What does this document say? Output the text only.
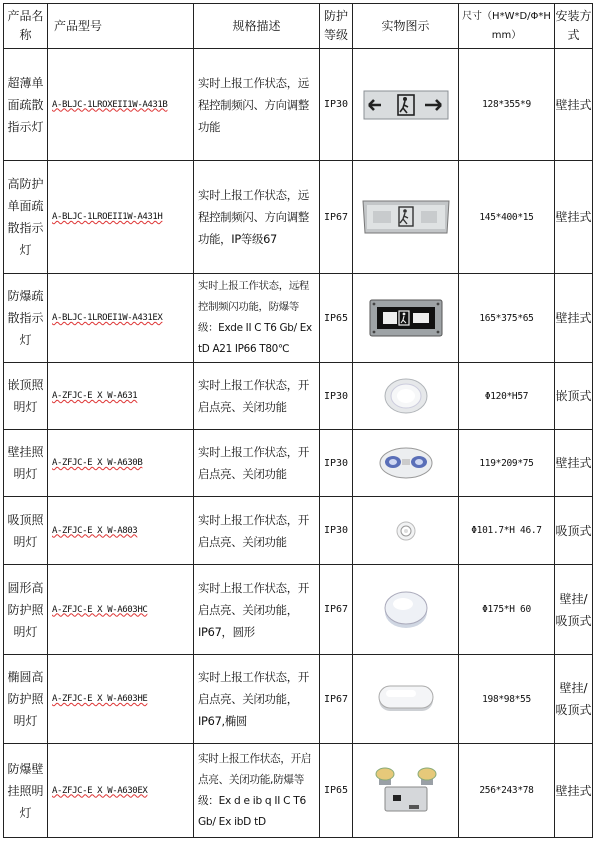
产品名称	产品型号	规格描述	防护等级	实物图示	尺寸（H*W*D/Φ*H mm）	安装方式
超薄单面疏散指示灯	A-BLJC-1LROXEII1W-A431B	实时上报工作状态，远程控制频闪、方向调整功能	IP30		128*355*9	壁挂式
高防护单面疏散指示灯	A-BLJC-1LROEII1W-A431H	实时上报工作状态，远程控制频闪、方向调整功能，IP等级67	IP67		145*400*15	壁挂式
防爆疏散指示灯	A-BLJC-1LROEI1W-A431EX	实时上报工作状态，远程控制频闪功能，防爆等级：Exde II C T6 Gb/ Ex tD A21 IP66 T80℃	IP65		165*375*65	壁挂式
嵌顶照明灯	A-ZFJC-E X W-A631	实时上报工作状态，开启点亮、关闭功能	IP30		Φ120*H57	嵌顶式
壁挂照明灯	A-ZFJC-E X W-A630B	实时上报工作状态，开启点亮、关闭功能	IP30		119*209*75	壁挂式
吸顶照明灯	A-ZFJC-E X W-A803	实时上报工作状态，开启点亮、关闭功能	IP30		Φ101.7*H 46.7	吸顶式
圆形高防护照明灯	A-ZFJC-E X W-A603HC	实时上报工作状态，开启点亮、关闭功能，IP67，圆形	IP67		Φ175*H 60	壁挂/吸顶式
椭圆高防护照明灯	A-ZFJC-E X W-A603HE	实时上报工作状态，开启点亮、关闭功能，IP67,椭圆	IP67		198*98*55	壁挂/吸顶式
防爆壁挂照明灯	A-ZFJC-E X W-A630EX	实时上报工作状态，开启点亮、关闭功能,防爆等级：Ex d e ib q II C T6 Gb/ Ex ibD tD	IP65		256*243*78	壁挂式
